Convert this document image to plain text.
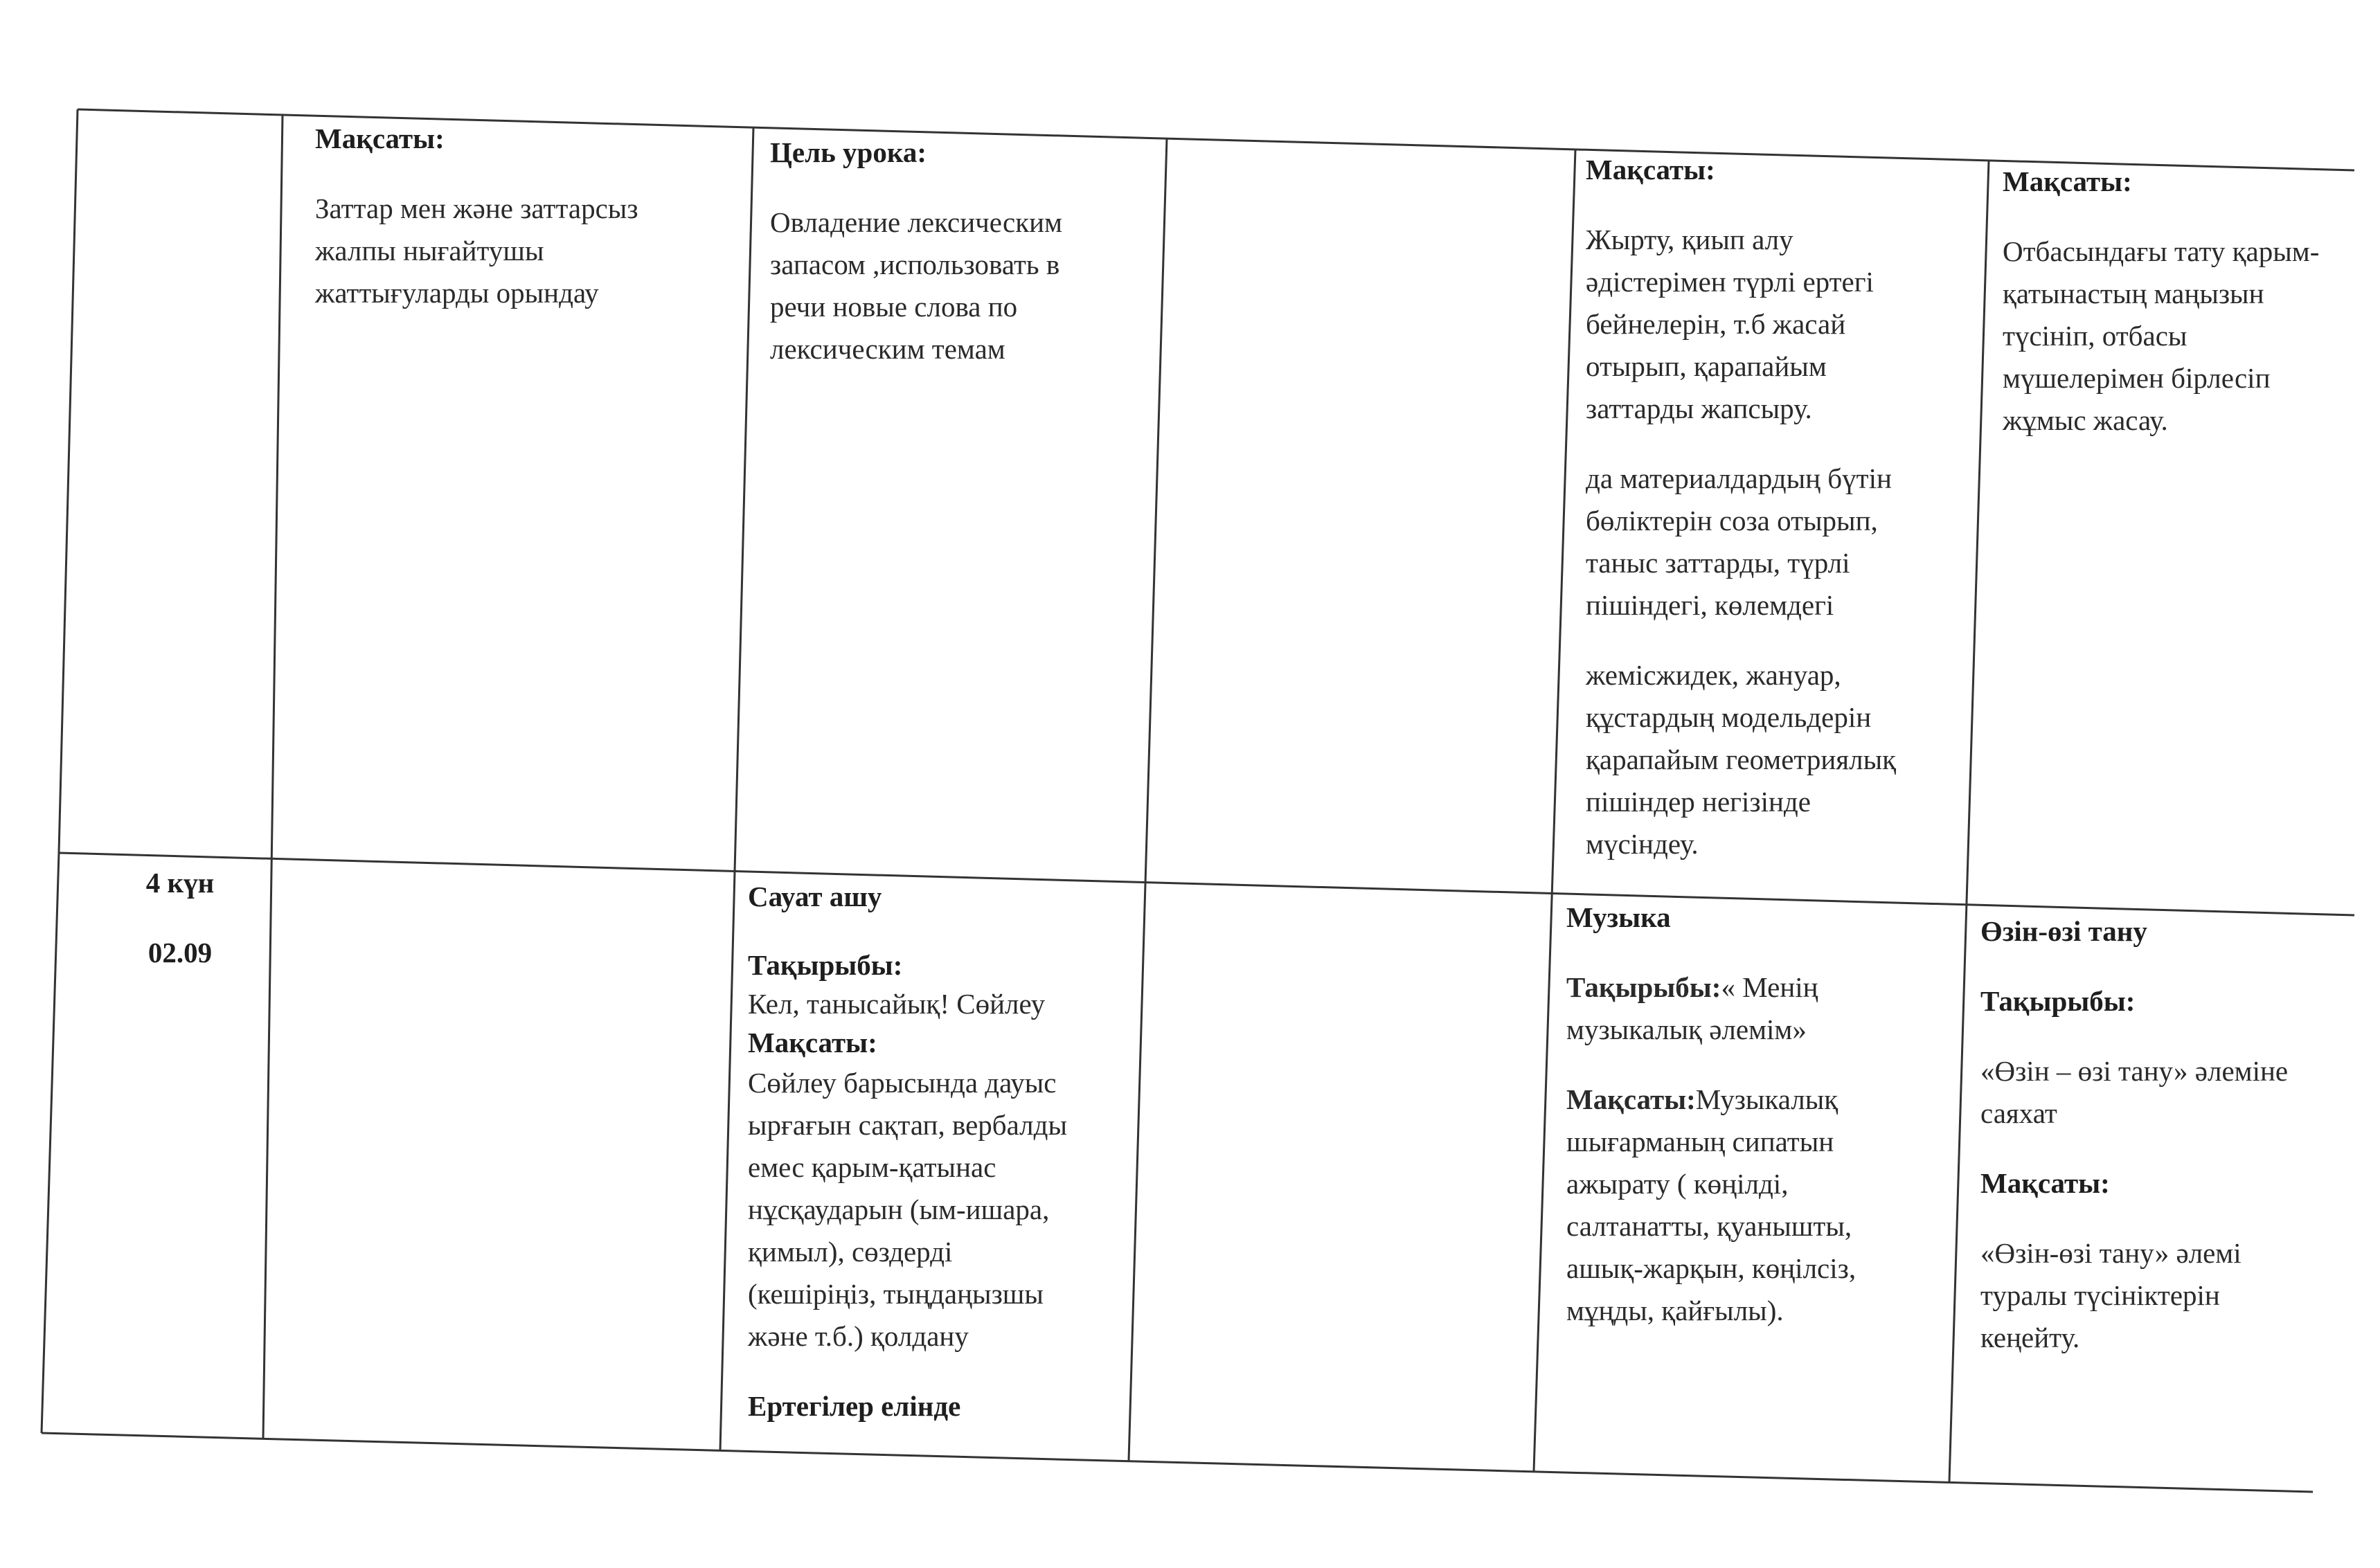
Мақсаты:
Заттар мен және заттарсыз
жалпы нығайтушы
жаттығуларды орындау
Цель урока:
Овладение лексическим
запасом ,использовать в
речи новые слова по
лексическим темам
Мақсаты:
Жырту, қиып алу
әдістерімен түрлі ертегі
бейнелерін, т.б жасай
отырып, қарапайым
заттарды жапсыру.
да материалдардың бүтін
бөліктерін соза отырып,
таныс заттарды, түрлі
пішіндегі, көлемдегі
жемісжидек, жануар,
құстардың модельдерін
қарапайым геометриялық
пішіндер негізінде
мүсіндеу.
Мақсаты:
Отбасындағы тату қарым-
қатынастың маңызын
түсініп, отбасы
мүшелерімен бірлесіп
жұмыс жасау.
4 күн
02.09
Сауат ашу
Тақырыбы:
Кел, танысайық! Сөйлеу
Мақсаты:
Сөйлеу барысында дауыс
ырғағын сақтап, вербалды
емес қарым-қатынас
нұсқаударын (ым-ишара,
қимыл), сөздерді
(кешіріңіз, тыңдаңызшы
және т.б.) қолдану
Ертегілер елінде
Музыка
Тақырыбы:« Менің
музыкалық әлемім»
Мақсаты:Музыкалық
шығарманың сипатын
ажырату ( көңілді,
салтанатты, қуанышты,
ашық-жарқын, көңілсіз,
мұңды, қайғылы).
Өзін-өзі тану
Тақырыбы:
«Өзін – өзі тану» әлеміне
саяхат
Мақсаты:
«Өзін-өзі тану» әлемі
туралы түсініктерін
кеңейту.
